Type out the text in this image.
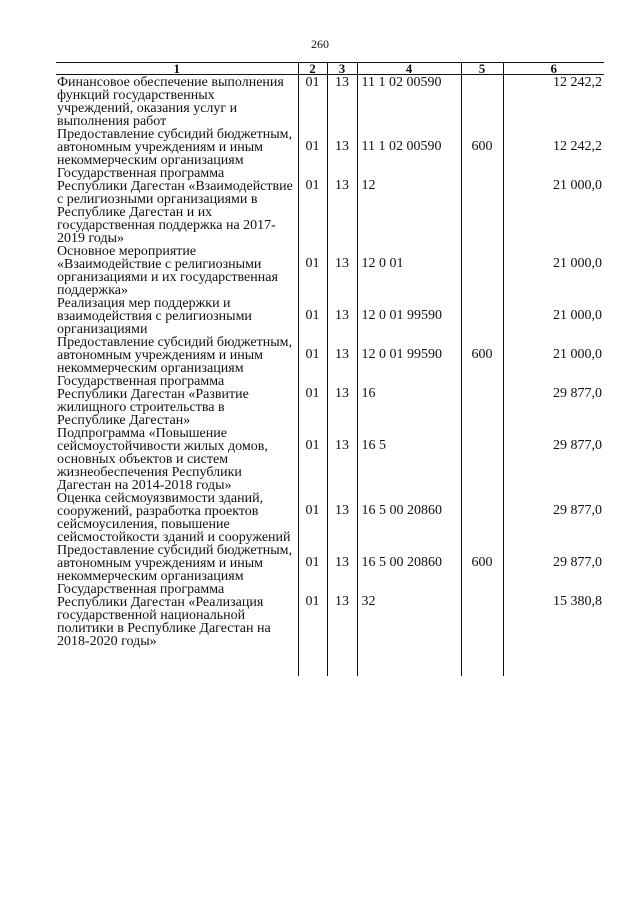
260
1	2	3	4	5	6
Финансовое обеспечение выполнения функций государственных учреждений, оказания услуг и выполнения работ	01	13	11 1 02 00590		12 242,2
Предоставление субсидий бюджетным, автономным учреждениям и иным некоммерческим организациям	01	13	11 1 02 00590	600	12 242,2
Государственная программа Республики Дагестан «Взаимодействие с религиозными организациями в Республике Дагестан и их государственная поддержка на 2017-2019 годы»	01	13	12		21 000,0
Основное мероприятие «Взаимодействие с религиозными организациями и их государственная поддержка»	01	13	12 0 01		21 000,0
Реализация мер поддержки и взаимодействия с религиозными организациями	01	13	12 0 01 99590		21 000,0
Предоставление субсидий бюджетным, автономным учреждениям и иным некоммерческим организациям	01	13	12 0 01 99590	600	21 000,0
Государственная программа Республики Дагестан «Развитие жилищного строительства в Республике Дагестан»	01	13	16		29 877,0
Подпрограмма «Повышение сейсмоустойчивости жилых домов, основных объектов и систем жизнеобеспечения Республики Дагестан на 2014-2018 годы»	01	13	16 5		29 877,0
Оценка сейсмоуязвимости зданий, сооружений, разработка проектов сейсмоусиления, повышение сейсмостойкости зданий и сооружений	01	13	16 5 00 20860		29 877,0
Предоставление субсидий бюджетным, автономным учреждениям и иным некоммерческим организациям	01	13	16 5 00 20860	600	29 877,0
Государственная программа Республики Дагестан «Реализация государственной национальной политики в Республике Дагестан на 2018-2020 годы»	01	13	32		15 380,8
